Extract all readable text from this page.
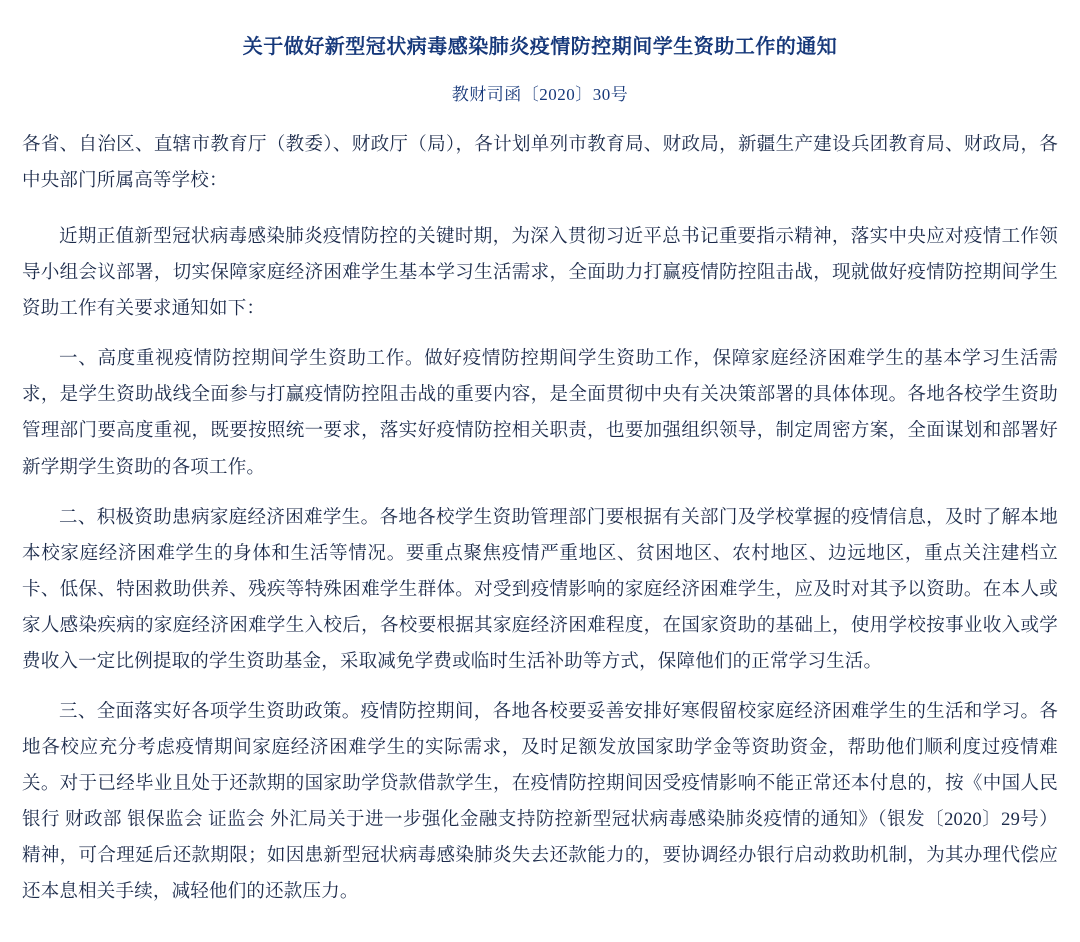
关于做好新型冠状病毒感染肺炎疫情防控期间学生资助工作的通知
教财司函〔2020〕30号

各省、自治区、直辖市教育厅（教委）、财政厅（局），各计划单列市教育局、财政局，新疆生产建设兵团教育局、财政局，各中央部门所属高等学校：

近期正值新型冠状病毒感染肺炎疫情防控的关键时期，为深入贯彻习近平总书记重要指示精神，落实中央应对疫情工作领导小组会议部署，切实保障家庭经济困难学生基本学习生活需求，全面助力打赢疫情防控阻击战，现就做好疫情防控期间学生资助工作有关要求通知如下：

一、高度重视疫情防控期间学生资助工作。做好疫情防控期间学生资助工作，保障家庭经济困难学生的基本学习生活需求，是学生资助战线全面参与打赢疫情防控阻击战的重要内容，是全面贯彻中央有关决策部署的具体体现。各地各校学生资助管理部门要高度重视，既要按照统一要求，落实好疫情防控相关职责，也要加强组织领导，制定周密方案，全面谋划和部署好新学期学生资助的各项工作。

二、积极资助患病家庭经济困难学生。各地各校学生资助管理部门要根据有关部门及学校掌握的疫情信息，及时了解本地本校家庭经济困难学生的身体和生活等情况。要重点聚焦疫情严重地区、贫困地区、农村地区、边远地区，重点关注建档立卡、低保、特困救助供养、残疾等特殊困难学生群体。对受到疫情影响的家庭经济困难学生，应及时对其予以资助。在本人或家人感染疾病的家庭经济困难学生入校后，各校要根据其家庭经济困难程度，在国家资助的基础上，使用学校按事业收入或学费收入一定比例提取的学生资助基金，采取减免学费或临时生活补助等方式，保障他们的正常学习生活。

三、全面落实好各项学生资助政策。疫情防控期间，各地各校要妥善安排好寒假留校家庭经济困难学生的生活和学习。各地各校应充分考虑疫情期间家庭经济困难学生的实际需求，及时足额发放国家助学金等资助资金，帮助他们顺利度过疫情难关。对于已经毕业且处于还款期的国家助学贷款借款学生，在疫情防控期间因受疫情影响不能正常还本付息的，按《中国人民银行 财政部 银保监会 证监会 外汇局关于进一步强化金融支持防控新型冠状病毒感染肺炎疫情的通知》（银发〔2020〕29号）精神，可合理延后还款期限；如因患新型冠状病毒感染肺炎失去还款能力的，要协调经办银行启动救助机制，为其办理代偿应还本息相关手续，减轻他们的还款压力。
